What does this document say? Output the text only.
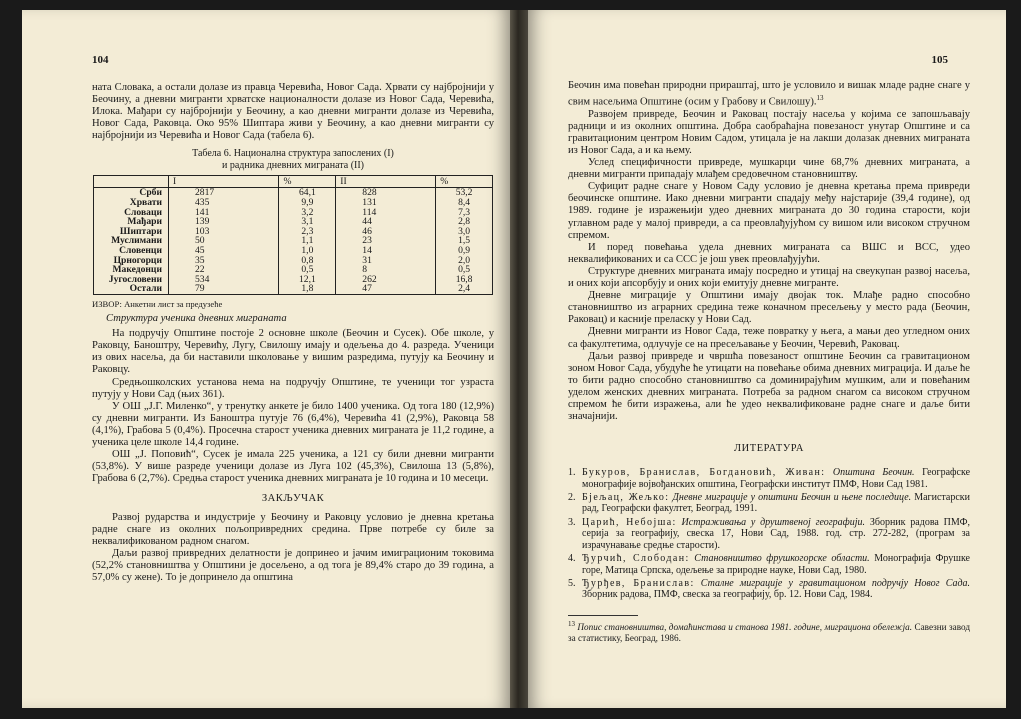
104

ната Словака, а остали долазе из правца Черевића, Новог Сада. Хрвати су најбројнији у Беочину, а дневни мигранти хрватске националности долазе из Новог Сада, Черевића, Илока. Мађари су најбројнији у Беочину, а као дневни мигранти долазе из Черевића, Новог Сада, Раковца. Око 95% Шиптара живи у Беочину, а као дневни мигранти су најбројнији из Черевића и Новог Сада (табела 6).

Табела 6. Национална структура запослених (I)
и радника дневних миграната (II)

	I	%	II	%
Срби	2817	64,1	828	53,2
Хрвати	435	9,9	131	8,4
Словаци	141	3,2	114	7,3
Мађари	139	3,1	44	2,8
Шиптари	103	2,3	46	3,0
Муслимани	50	1,1	23	1,5
Словенци	45	1,0	14	0,9
Црногорци	35	0,8	31	2,0
Македонци	22	0,5	8	0,5
Југословени	534	12,1	262	16,8
Остали	79	1,8	47	2,4

ИЗВОР: Анкетни лист за предузеће

Структура ученика дневних миграната

На подручју Општине постоје 2 основне школе (Беочин и Сусек). Обе школе, у Раковцу, Баноштру, Черевићу, Лугу, Свилошу имају и одељења до 4. разреда. Ученици из ових насеља, да би наставили школовање у вишим разредима, путују ка Беочину и Раковцу.

Средњошколских установа нема на подручју Општине, те ученици тог узраста путују у Нови Сад (њих 361).

У ОШ „Ј.Г. Миленко“, у тренутку анкете је било 1400 ученика. Од тога 180 (12,9%) су дневни мигранти. Из Баноштра путује 76 (6,4%), Черевића 41 (2,9%), Раковца 58 (4,1%), Грабова 5 (0,4%). Просечна старост ученика дневних миграната је 11,2 године, а ученика целе школе 14,4 године.

ОШ „Ј. Поповић“, Сусек је имала 225 ученика, а 121 су били дневни мигранти (53,8%). У више разреде ученици долазе из Луга 102 (45,3%), Свилоша 13 (5,8%), Грабова 6 (2,7%). Средња старост ученика дневних миграната је 10 година и 10 месеци.

ЗАКЉУЧАК

Развој рударства и индустрије у Беочину и Раковцу условио је дневна кретања радне снаге из околних пољопривредних средина. Прве потребе су биле за неквалификованом радном снагом.

Даљи развој привредних делатности је допринео и јачим имиграционим токовима (52,2% становништва у Општини је досељено, а од тога је 89,4% старо до 39 година, а 57,0% су жене). То је допринело да општина

105

Беочин има повећан природни прираштај, што је условило и вишак младе радне снаге у свим насељима Општине (осим у Грабову и Свилошу).$^{13}$

Развојем привреде, Беочин и Раковац постају насеља у којима се запошљавају радници и из околних општина. Добра саобраћајна повезаност унутар Општине и са гравитационим центром Новим Садом, утицала је на лакши долазак дневних миграната из Новог Сада, а и ка њему.

Услед специфичности привреде, мушкарци чине 68,7% дневних миграната, а дневни мигранти припадају млађем средовечном становништву.

Суфицит радне снаге у Новом Саду условио је дневна кретања према привреди беочинске општине. Иако дневни мигранти спадају међу најстарије (39,4 године), од 1989. године је изражењији удео дневних миграната до 30 година старости, који углавном раде у малој привреди, а са преовлађујућом су вишом или високом стручном спремом.

И поред повећања удела дневних миграната са ВШС и ВСС, удео неквалификованих и са ССС је још увек преовлађујући.

Структуре дневних миграната имају посредно и утицај на свеукупан развој насеља, и оних који апсорбују и оних који емитују дневне мигранте.

Дневне миграције у Општини имају двојак ток. Млађе радно способно становништво из аграрних средина теже коначном пресељењу у место рада (Беочин, Раковац) и касније преласку у Нови Сад.

Дневни мигранти из Новог Сада, теже повратку у њега, а мањи део угледном оних са факултетима, одлучује се на пресељавање у Беочин, Черевић, Раковац.

Даљи развој привреде и чвршћа повезаност општине Беочин са гравитационом зоном Новог Сада, убудуће ће утицати на повећање обима дневних миграција. И даље ће то бити радно способно становништво са доминирајућим мушким, али и повећаним уделом женских дневних миграната. Потреба за радном снагом са високом стручном спремом ће бити изражења, али ће удео неквалификоване радне снаге и даље бити значајнији.

ЛИТЕРАТУРА

1. Букуров, Бранислав, Богдановић, Живан: Општина Беочин. Географске монографије војвођанских општина, Географски институт ПМФ, Нови Сад 1981.
2. Бјељац, Жељко: Дневне миграције у општини Беочин и њене последице. Магистарски рад, Географски факултет, Београд, 1991.
3. Царић, Небојша: Истраживања у друштвеној географији. Зборник радова ПМФ, серија за географију, свеска 17, Нови Сад, 1988. год. стр. 272-282, (програм за израчунавање средње старости).
4. Ђурчић, Слободан: Становништво фрушкогорске области. Монографија Фрушке горе, Матица Српска, одељење за природне науке, Нови Сад, 1980.
5. Ђурђев, Бранислав: Сталне миграције у гравитационом подручју Новог Сада. Зборник радова, ПМФ, свеска за географију, бр. 12. Нови Сад, 1984.

$^{13}$ Попис становништва, домаћинстава и станова 1981. године, миграциона обележја. Савезни завод за статистику, Београд, 1986.
